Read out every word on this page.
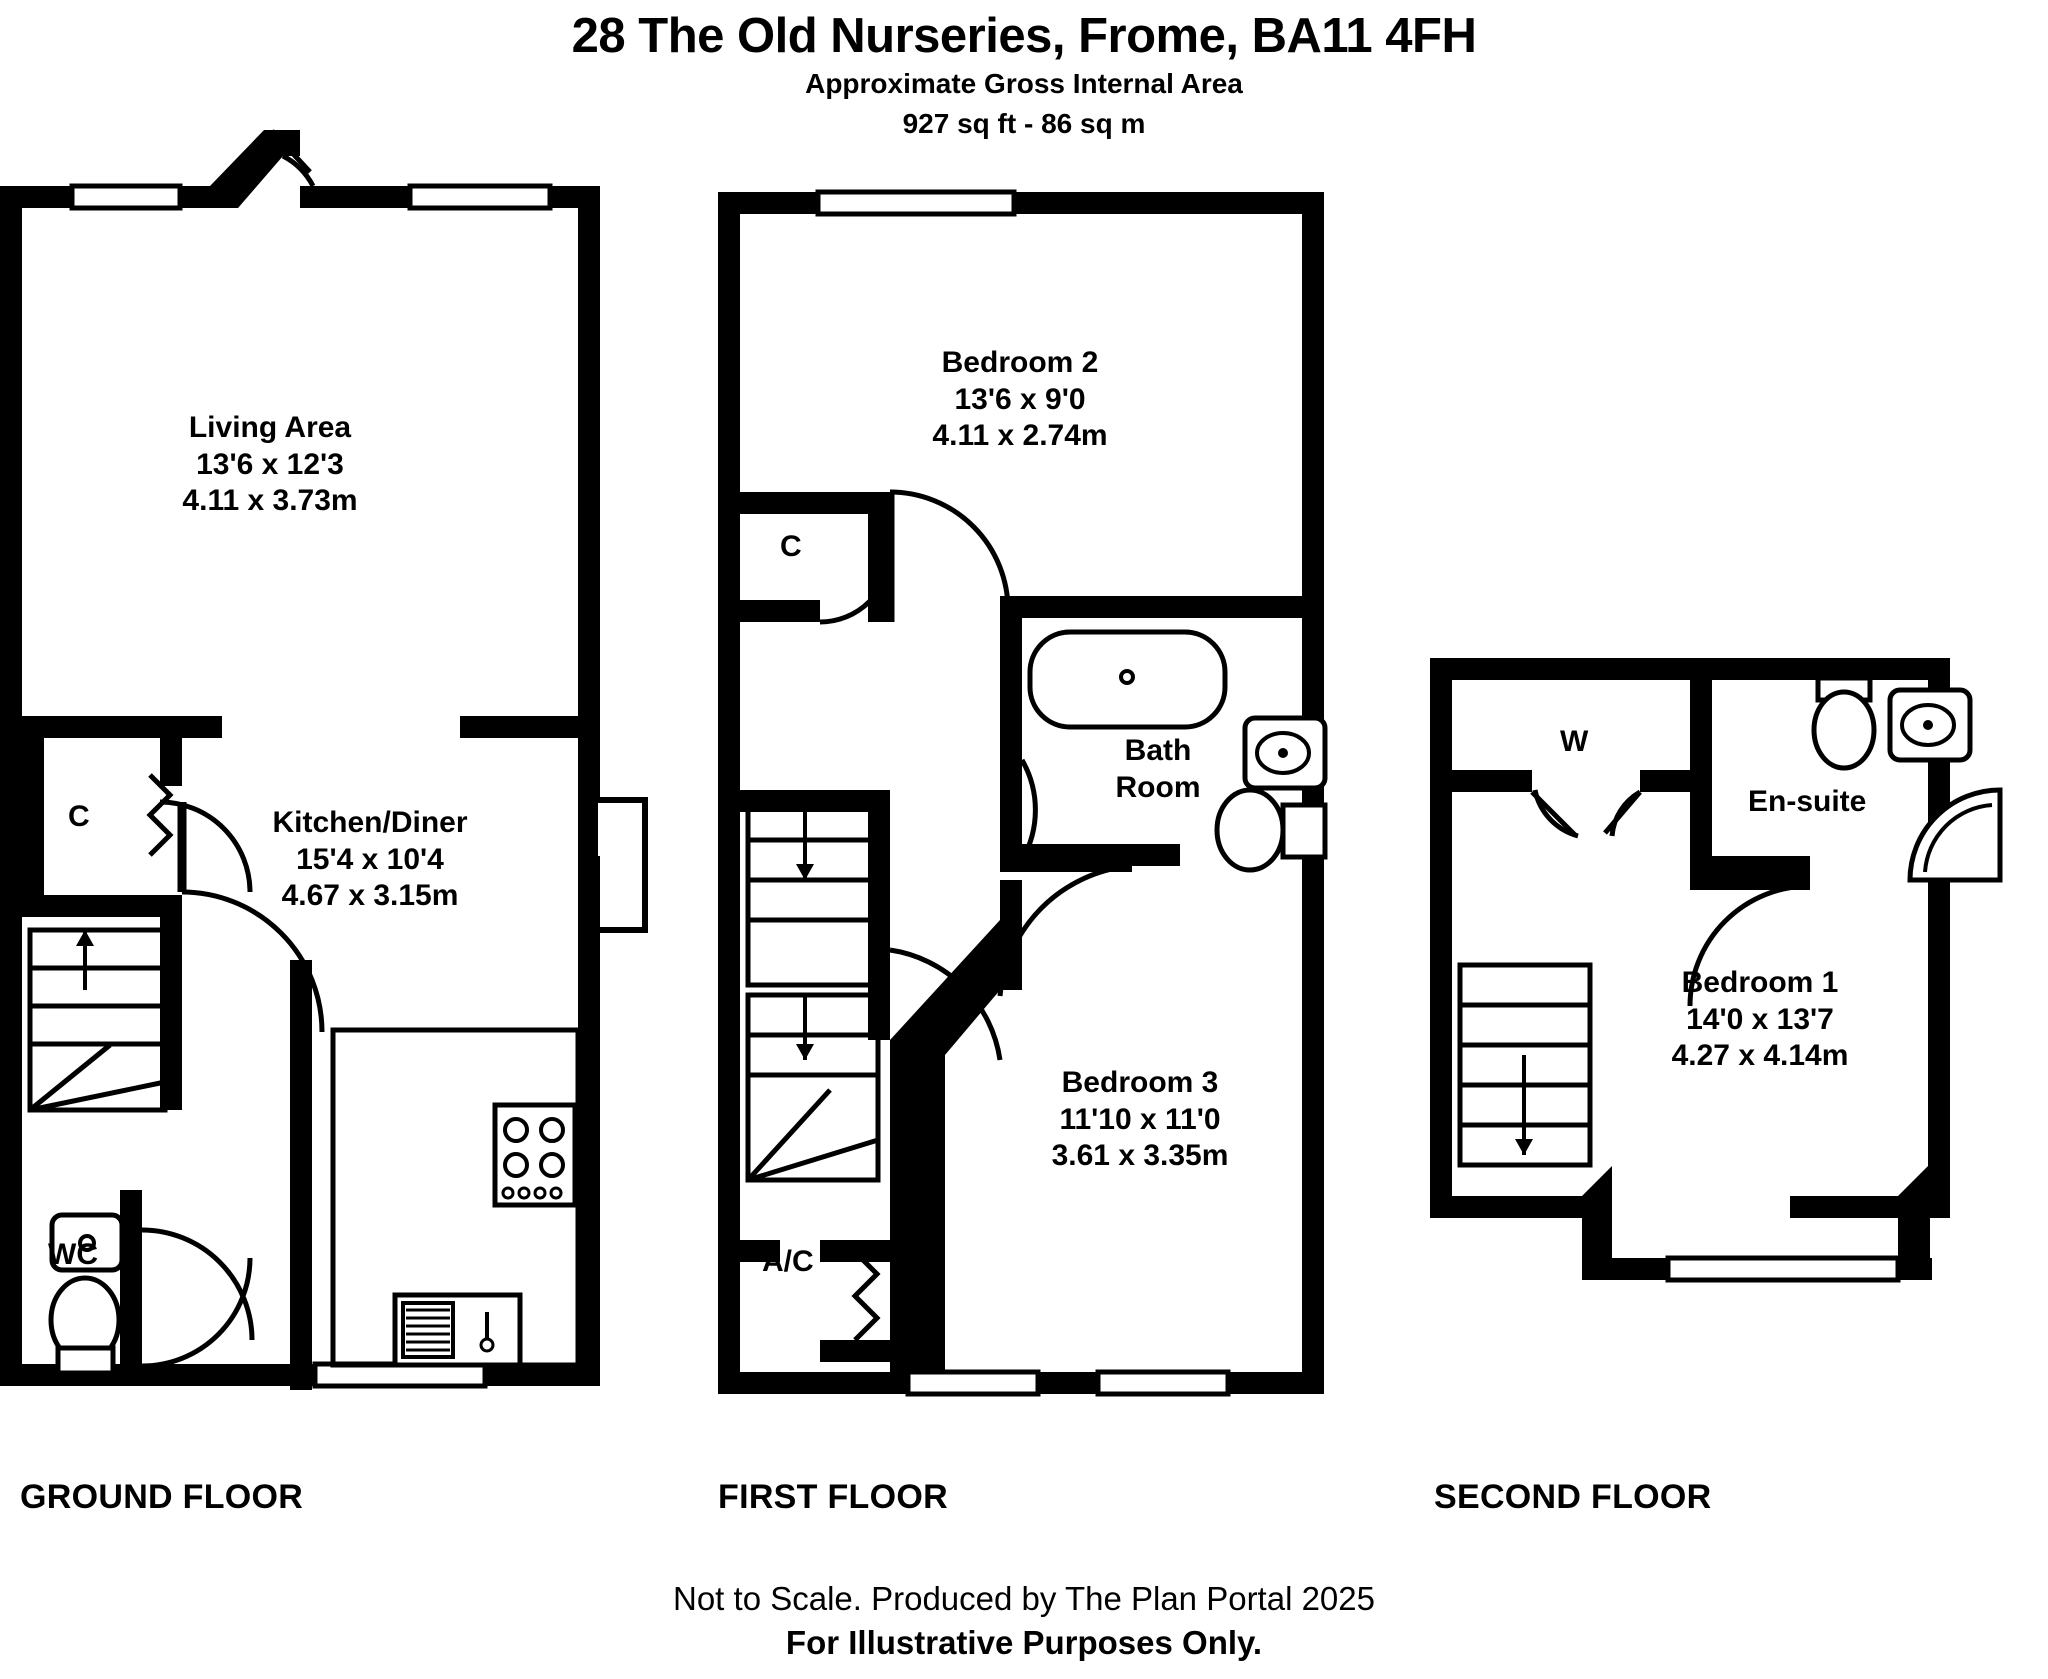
28 The Old Nurseries, Frome, BA11 4FH
Approximate Gross Internal Area
927 sq ft - 86 sq m
Living Area
13'6 x 12'3
4.11 x 3.73m
Kitchen/Diner
15'4 x 10'4
4.67 x 3.15m
C
WC
Bedroom 2
13'6 x 9'0
4.11 x 2.74m
Bath
Room
Bedroom 3
11'10 x 11'0
3.61 x 3.35m
C
A/C
Bedroom 1
14'0 x 13'7
4.27 x 4.14m
En-suite
W
GROUND FLOOR	FIRST FLOOR	SECOND FLOOR
Not to Scale. Produced by The Plan Portal 2025
For Illustrative Purposes Only.
